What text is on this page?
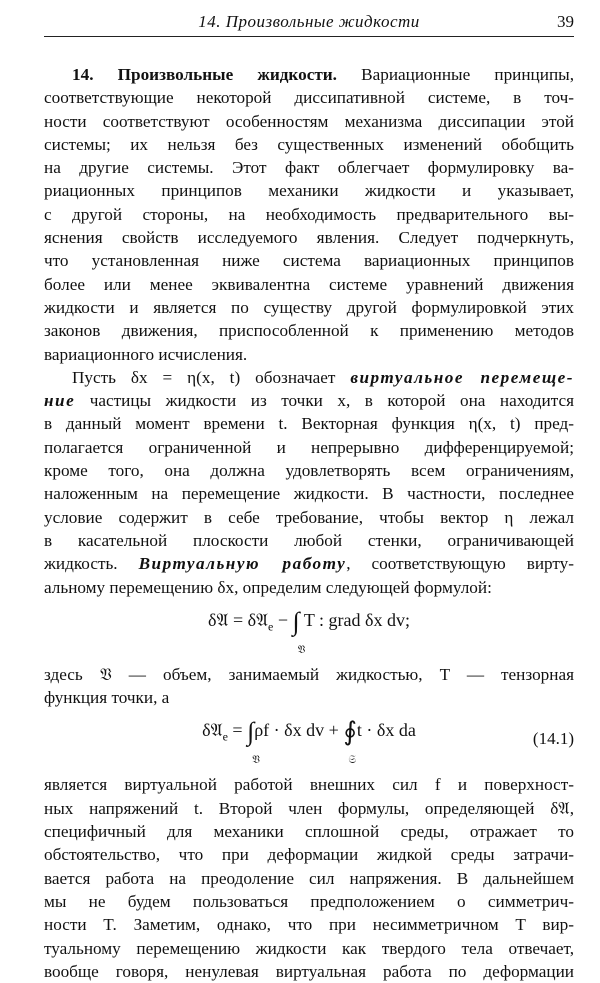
14. Произвольные жидкости	39
14. Произвольные жидкости. Вариационные принципы,
соответствующие некоторой диссипативной системе, в точ-
ности соответствуют особенностям механизма диссипации этой
системы; их нельзя без существенных изменений обобщить
на другие системы. Этот факт облегчает формулировку ва-
риационных принципов механики жидкости и указывает,
с другой стороны, на необходимость предварительного вы-
яснения свойств исследуемого явления. Следует подчеркнуть,
что установленная ниже система вариационных принципов
более или менее эквивалентна системе уравнений движения
жидкости и является по существу другой формулировкой этих
законов движения, приспособленной к применению методов
вариационного исчисления.
Пусть δx = η(x, t) обозначает виртуальное перемеще-
ние частицы жидкости из точки x, в которой она находится
в данный момент времени t. Векторная функция η(x, t) пред-
полагается ограниченной и непрерывно дифференцируемой;
кроме того, она должна удовлетворять всем ограничениям,
наложенным на перемещение жидкости. В частности, последнее
условие содержит в себе требование, чтобы вектор η лежал
в касательной плоскости любой стенки, ограничивающей
жидкость. Виртуальную работу, соответствующую вирту-
альному перемещению δx, определим следующей формулой:
δ𝔄 = δ𝔄$_e$ − ∫
𝔙
T : grad δx dv;
здесь 𝔙 — объем, занимаемый жидкостью, T — тензорная
функция точки, а
δ𝔄$_e$ = ∫
𝔙
ρf · δx dv + ∮
𝔖
t · δx da	(14.1)
является виртуальной работой внешних сил f и поверхност-
ных напряжений t. Второй член формулы, определяющей δ𝔄,
специфичный для механики сплошной среды, отражает то
обстоятельство, что при деформации жидкой среды затрачи-
вается работа на преодоление сил напряжения. В дальнейшем
мы не будем пользоваться предположением о симметрич-
ности T. Заметим, однако, что при несимметричном T вир-
туальному перемещению жидкости как твердого тела отвечает,
вообще говоря, ненулевая виртуальная работа по деформации
